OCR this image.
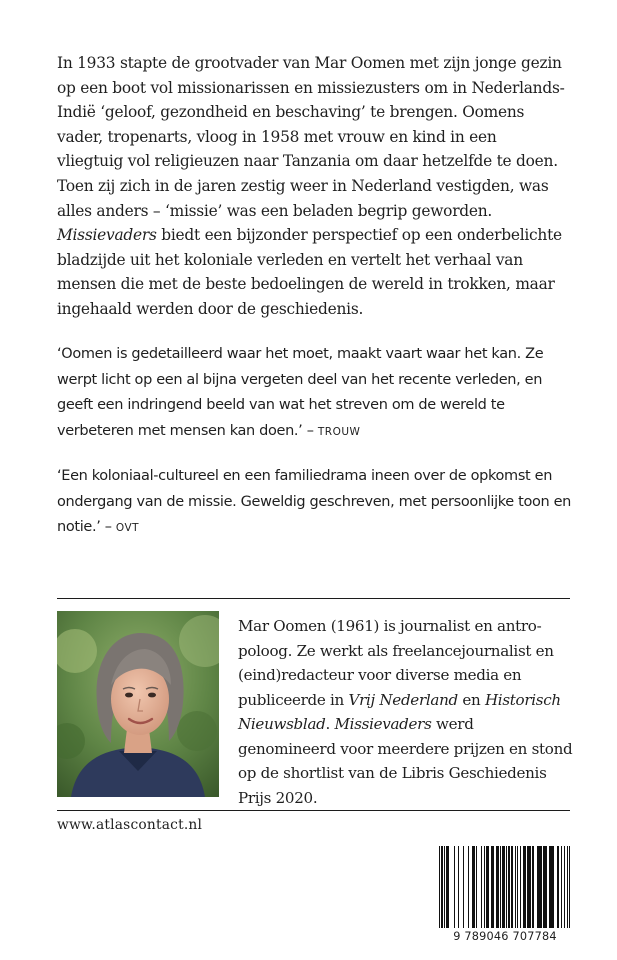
In 1933 stapte de grootvader van Mar Oomen met zijn jonge gezin op een boot vol missionarissen en missiezusters om in Nederlands-Indië ‘geloof, gezondheid en beschaving’ te brengen. Oomens vader, tropenarts, vloog in 1958 met vrouw en kind in een vliegtuig vol religieuzen naar Tanzania om daar hetzelfde te doen. Toen zij zich in de jaren zestig weer in Nederland vestigden, was alles anders – ‘missie’ was een beladen begrip geworden.

Missievaders biedt een bijzonder perspectief op een onderbelichte bladzijde uit het koloniale verleden en vertelt het verhaal van mensen die met de beste bedoelingen de wereld in trokken, maar ingehaald werden door de geschiedenis.

‘Oomen is gedetailleerd waar het moet, maakt vaart waar het kan. Ze werpt licht op een al bijna vergeten deel van het recente verleden, en geeft een indringend beeld van wat het streven om de wereld te verbeteren met mensen kan doen.’ – TROUW
‘Een koloniaal-cultureel en een familiedrama ineen over de opkomst en ondergang van de missie. Geweldig geschreven, met persoonlijke toon en notie.’ – OVT

Mar Oomen (1961) is journalist en antropoloog. Ze werkt als freelancejournalist en (eind)redacteur voor diverse media en publiceerde in Vrij Nederland en Historisch Nieuwsblad. Missievaders werd genomineerd voor meerdere prijzen en stond op de shortlist van de Libris Geschiedenis Prijs 2020.

www.atlascontact.nl
9 789046 707784
